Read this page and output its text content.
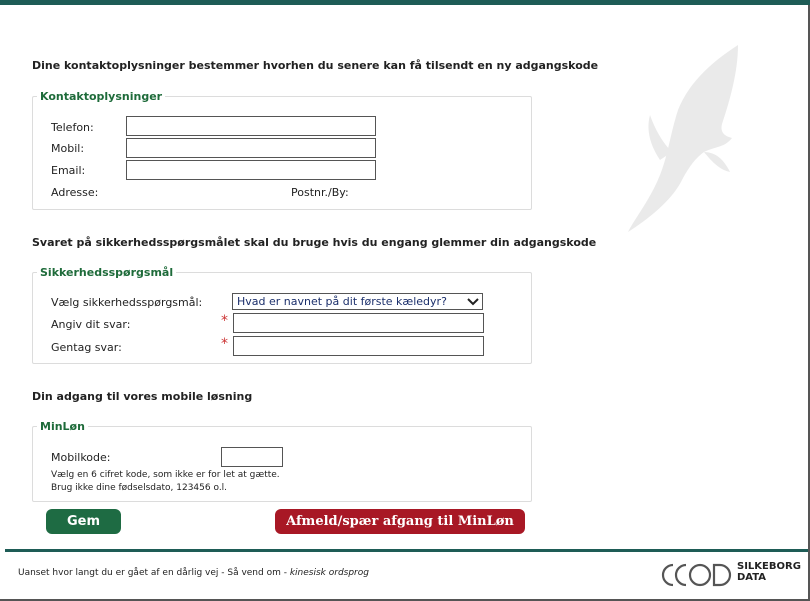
Dine kontaktoplysninger bestemmer hvorhen du senere kan få tilsendt en ny adgangskode
Kontaktoplysninger
Telefon:
Mobil:
Email:
Adresse:	Postnr./By:
Svaret på sikkerhedsspørgsmålet skal du bruge hvis du engang glemmer din adgangskode
Sikkerhedsspørgsmål
Vælg sikkerhedsspørgsmål:	Hvad er navnet på dit første kæledyr?
Angiv dit svar:	*
Gentag svar:	*
Din adgang til vores mobile løsning
MinLøn
Mobilkode:
Vælg en 6 cifret kode, som ikke er for let at gætte.
Brug ikke dine fødselsdato, 123456 o.l.
Gem	Afmeld/spær afgang til MinLøn
Uanset hvor langt du er gået af en dårlig vej - Så vend om - kinesisk ordsprog
SILKEBORG
DATA
